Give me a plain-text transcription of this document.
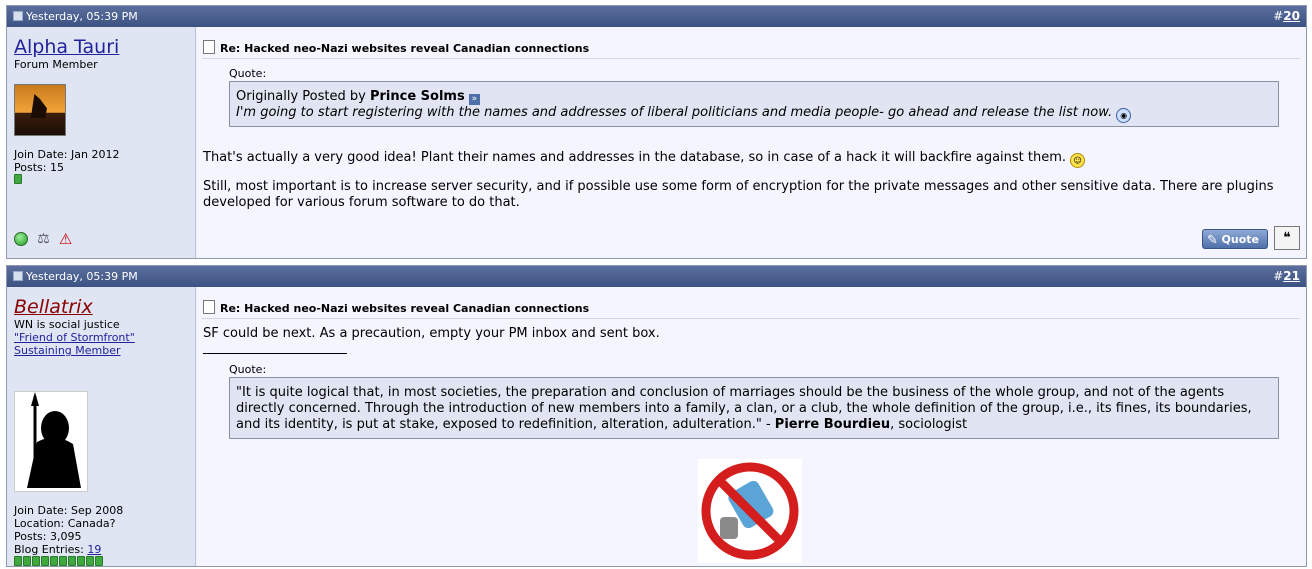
Yesterday, 05:39 PM	#20
Alpha Tauri
Forum Member
Join Date: Jan 2012
Posts: 15
⚖ ⚠
Re: Hacked neo-Nazi websites reveal Canadian connections
Quote:
Originally Posted by Prince Solms »
I'm going to start registering with the names and addresses of liberal politicians and media people- go ahead and release the list now. ◉
That's actually a very good idea! Plant their names and addresses in the database, so in case of a hack it will backfire against them. ☺
Still, most important is to increase server security, and if possible use some form of encryption for the private messages and other sensitive data. There are plugins developed for various forum software to do that.
✎ Quote	❝
Yesterday, 05:39 PM	#21
Bellatrix
WN is social justice
"Friend of Stormfront"
Sustaining Member
Join Date: Sep 2008
Location: Canada?
Posts: 3,095
Blog Entries: 19
Re: Hacked neo-Nazi websites reveal Canadian connections
SF could be next. As a precaution, empty your PM inbox and sent box.
Quote:
"It is quite logical that, in most societies, the preparation and conclusion of marriages should be the business of the whole group, and not of the agents directly concerned. Through the introduction of new members into a family, a clan, or a club, the whole definition of the group, i.e., its fines, its boundaries, and its identity, is put at stake, exposed to redefinition, alteration, adulteration." - Pierre Bourdieu, sociologist
